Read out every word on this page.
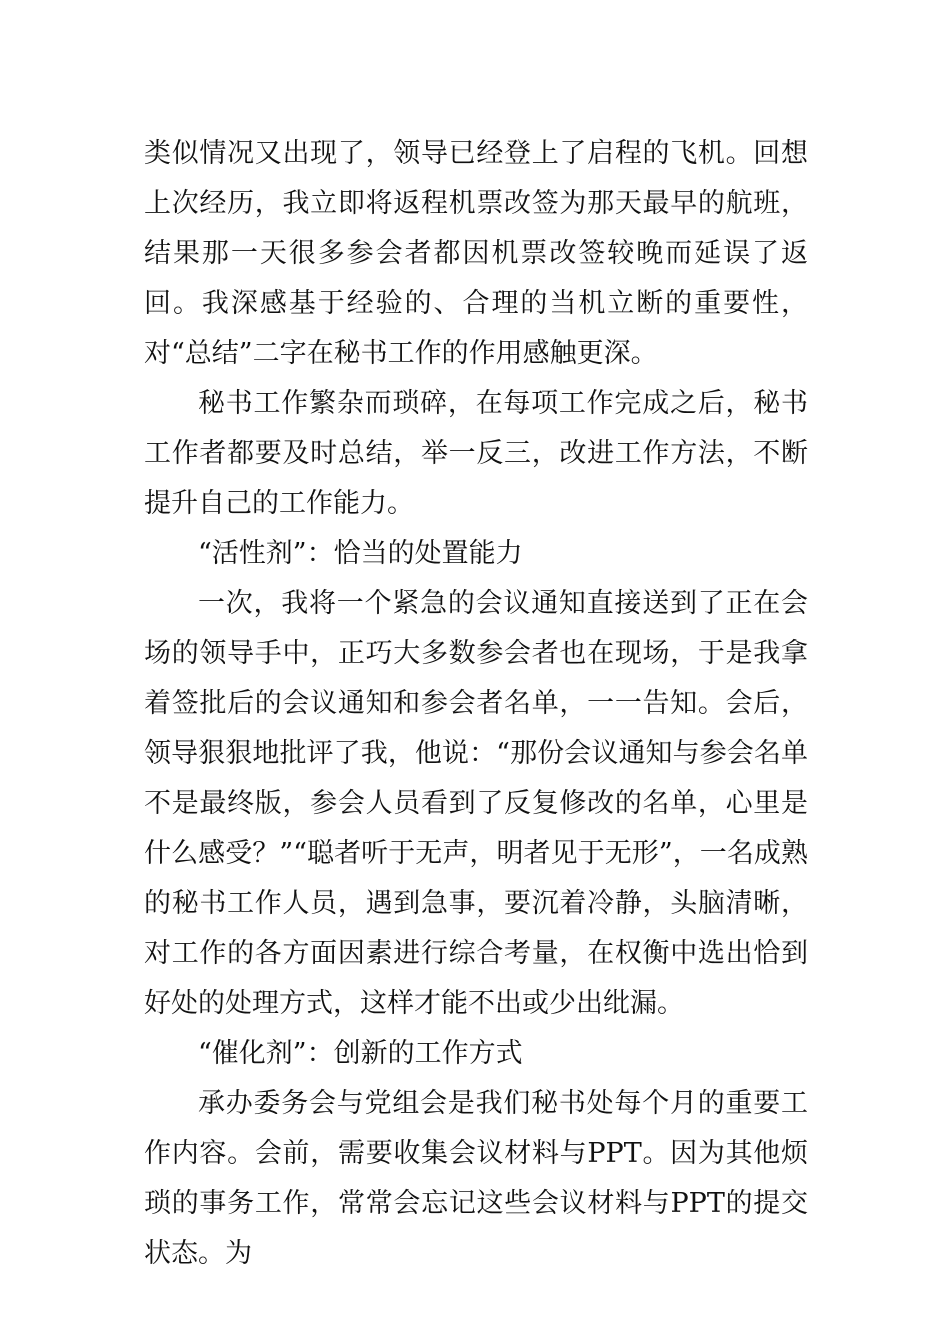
类似情况又出现了，领导已经登上了启程的飞机。回想上次经历，我立即将返程机票改签为那天最早的航班，结果那一天很多参会者都因机票改签较晚而延误了返回。我深感基于经验的、合理的当机立断的重要性，对“总结”二字在秘书工作的作用感触更深。

秘书工作繁杂而琐碎，在每项工作完成之后，秘书工作者都要及时总结，举一反三，改进工作方法，不断提升自己的工作能力。

“活性剂”：恰当的处置能力

一次，我将一个紧急的会议通知直接送到了正在会场的领导手中，正巧大多数参会者也在现场，于是我拿着签批后的会议通知和参会者名单，一一告知。会后，领导狠狠地批评了我，他说：“那份会议通知与参会名单不是最终版，参会人员看到了反复修改的名单，心里是什么感受？”“聪者听于无声，明者见于无形”，一名成熟的秘书工作人员，遇到急事，要沉着冷静，头脑清晰，对工作的各方面因素进行综合考量，在权衡中选出恰到好处的处理方式，这样才能不出或少出纰漏。

“催化剂”：创新的工作方式

承办委务会与党组会是我们秘书处每个月的重要工作内容。会前，需要收集会议材料与PPT。因为其他烦琐的事务工作，常常会忘记这些会议材料与PPT的提交状态。为
